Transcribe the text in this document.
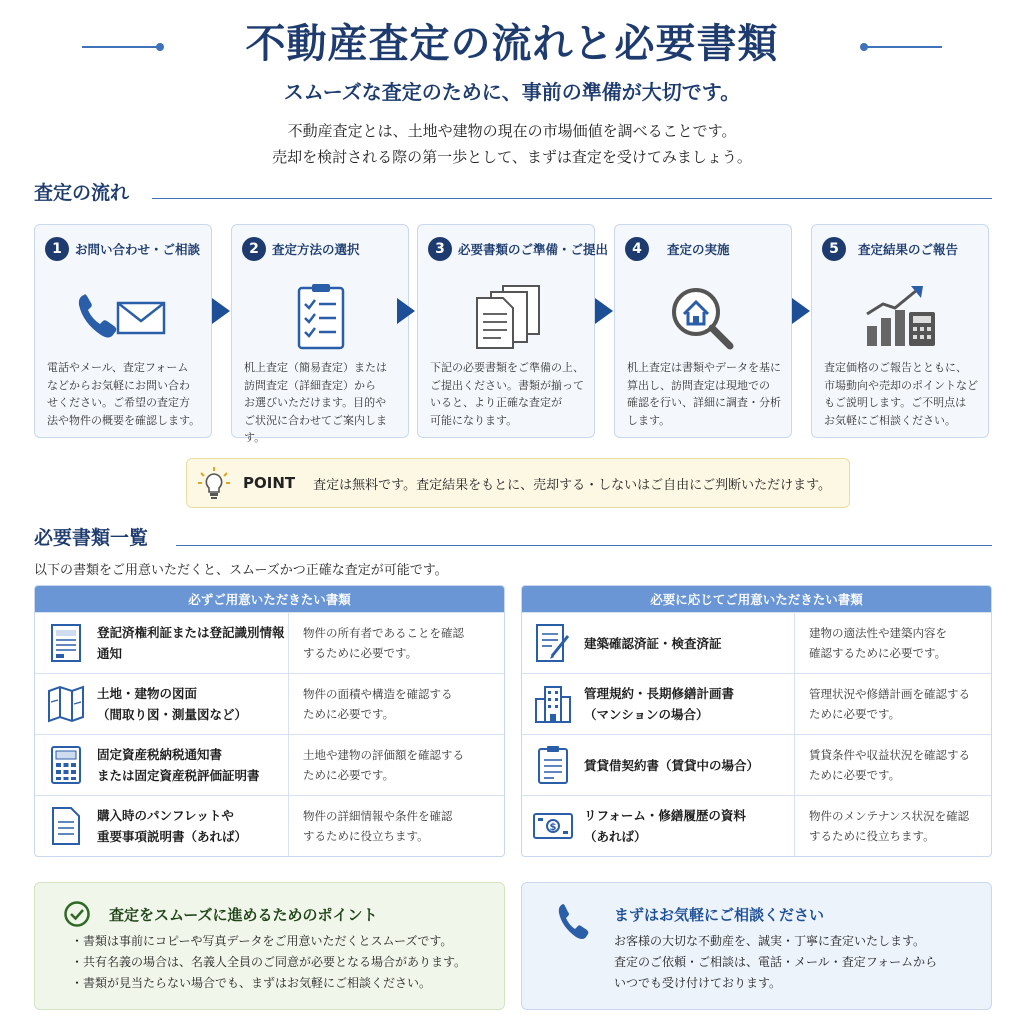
不動産査定の流れと必要書類
スムーズな査定のために、事前の準備が大切です。
不動産査定とは、土地や建物の現在の市場価値を調べることです。
売却を検討される際の第一歩として、まずは査定を受けてみましょう。
査定の流れ
1	お問い合わせ・ご相談
電話やメール、査定フォーム
などからお気軽にお問い合わ
せください。ご希望の査定方
法や物件の概要を確認します。
2	査定方法の選択
机上査定（簡易査定）または
訪問査定（詳細査定）から
お選びいただけます。目的や
ご状況に合わせてご案内します。
3	必要書類のご準備・ご提出
下記の必要書類をご準備の上、
ご提出ください。書類が揃って
いると、より正確な査定が
可能になります。
4	査定の実施
机上査定は書類やデータを基に
算出し、訪問査定は現地での
確認を行い、詳細に調査・分析
します。
5	査定結果のご報告
査定価格のご報告とともに、
市場動向や売却のポイントなど
もご説明します。ご不明点は
お気軽にご相談ください。
POINT 査定は無料です。査定結果をもとに、売却する・しないはご自由にご判断いただけます。
必要書類一覧
以下の書類をご用意いただくと、スムーズかつ正確な査定が可能です。
必ずご用意いただきたい書類
登記済権利証または登記識別情報通知
物件の所有者であることを確認
するために必要です。
土地・建物の図面
（間取り図・測量図など）
物件の面積や構造を確認する
ために必要です。
固定資産税納税通知書
または固定資産税評価証明書
土地や建物の評価額を確認する
ために必要です。
購入時のパンフレットや
重要事項説明書（あれば）
物件の詳細情報や条件を確認
するために役立ちます。
必要に応じてご用意いただきたい書類
建築確認済証・検査済証
建物の適法性や建築内容を
確認するために必要です。
管理規約・長期修繕計画書
（マンションの場合）
管理状況や修繕計画を確認する
ために必要です。
賃貸借契約書（賃貸中の場合）
賃貸条件や収益状況を確認する
ために必要です。
$
リフォーム・修繕履歴の資料
（あれば）
物件のメンテナンス状況を確認
するために役立ちます。
査定をスムーズに進めるためのポイント
・ 書類は事前にコピーや写真データをご用意いただくとスムーズです。
・ 共有名義の場合は、名義人全員のご同意が必要となる場合があります。
・ 書類が見当たらない場合でも、まずはお気軽にご相談ください。
まずはお気軽にご相談ください
お客様の大切な不動産を、誠実・丁寧に査定いたします。
査定のご依頼・ご相談は、電話・メール・査定フォームから
いつでも受け付けております。
